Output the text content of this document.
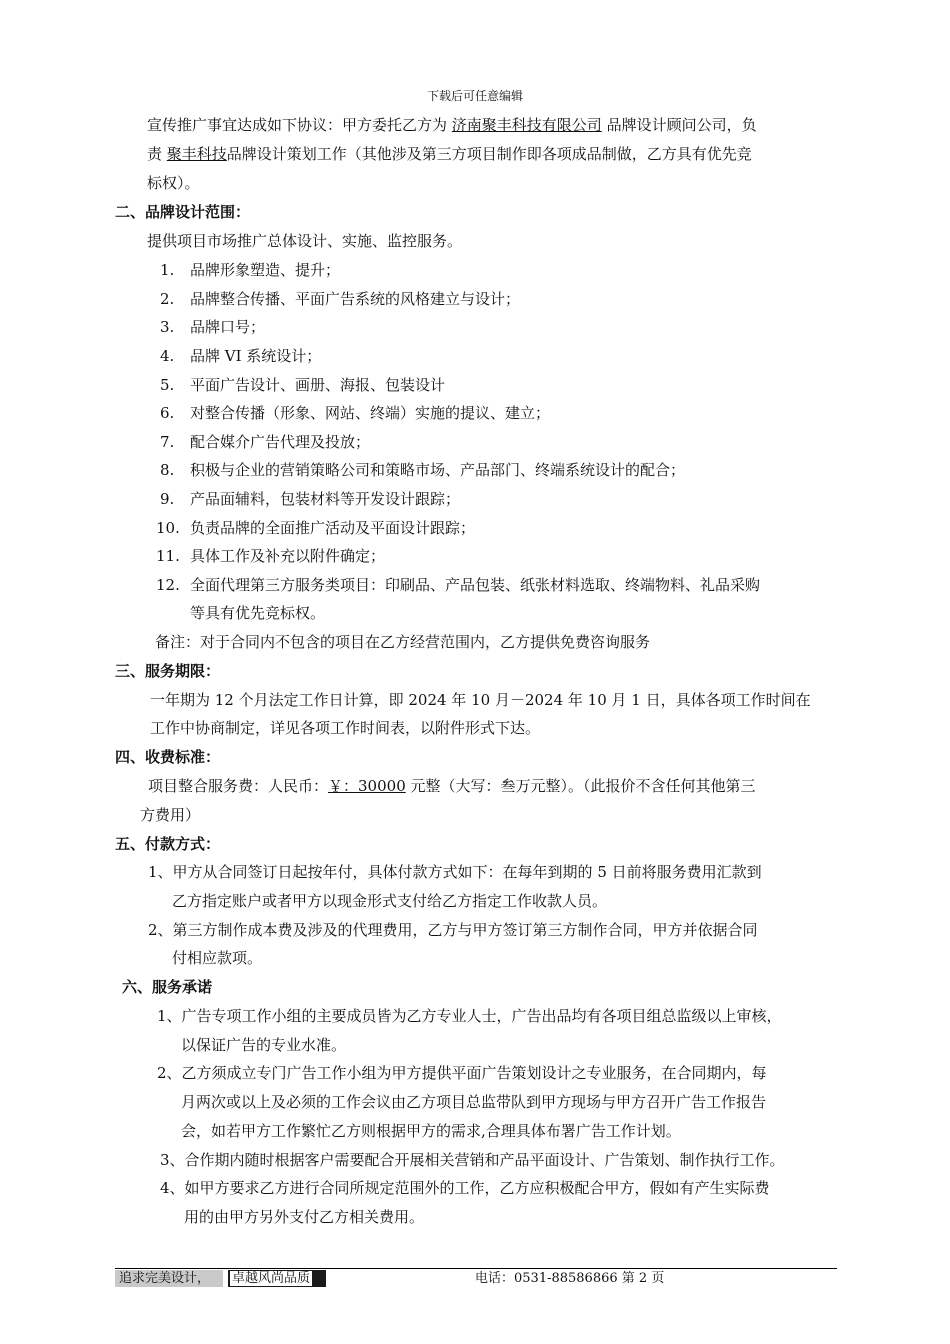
下载后可任意编辑
宣传推广事宜达成如下协议：甲方委托乙方为 济南聚丰科技有限公司 品牌设计顾问公司，负
责 聚丰科技品牌设计策划工作（其他涉及第三方项目制作即各项成品制做，乙方具有优先竞
标权）。
二、品牌设计范围：
提供项目市场推广总体设计、实施、监控服务。
1. 品牌形象塑造、提升；
2. 品牌整合传播、平面广告系统的风格建立与设计；
3. 品牌口号；
4. 品牌 VI 系统设计；
5. 平面广告设计、画册、海报、包装设计
6. 对整合传播（形象、网站、终端）实施的提议、建立；
7. 配合媒介广告代理及投放；
8. 积极与企业的营销策略公司和策略市场、产品部门、终端系统设计的配合；
9. 产品面辅料，包装材料等开发设计跟踪；
10. 负责品牌的全面推广活动及平面设计跟踪；
11. 具体工作及补充以附件确定；
12. 全面代理第三方服务类项目：印刷品、产品包装、纸张材料选取、终端物料、礼品采购
等具有优先竞标权。
备注：对于合同内不包含的项目在乙方经营范围内，乙方提供免费咨询服务
三、服务期限：
一年期为 12 个月法定工作日计算，即 2024 年 10 月－2024 年 10 月 1 日，具体各项工作时间在
工作中协商制定，详见各项工作时间表，以附件形式下达。
四、收费标准：
项目整合服务费：人民币：￥：30000 元整（大写：叁万元整）。（此报价不含任何其他第三
方费用）
五、付款方式：
1、甲方从合同签订日起按年付，具体付款方式如下：在每年到期的 5 日前将服务费用汇款到
乙方指定账户或者甲方以现金形式支付给乙方指定工作收款人员。
2、第三方制作成本费及涉及的代理费用，乙方与甲方签订第三方制作合同，甲方并依据合同
付相应款项。
六、服务承诺
1、广告专项工作小组的主要成员皆为乙方专业人士，广告出品均有各项目组总监级以上审核，
以保证广告的专业水准。
2、乙方须成立专门广告工作小组为甲方提供平面广告策划设计之专业服务，在合同期内，每
月两次或以上及必须的工作会议由乙方项目总监带队到甲方现场与甲方召开广告工作报告
会，如若甲方工作繁忙乙方则根据甲方的需求,合理具体布署广告工作计划。
3、合作期内随时根据客户需要配合开展相关营销和产品平面设计、广告策划、制作执行工作。
4、如甲方要求乙方进行合同所规定范围外的工作，乙方应积极配合甲方，假如有产生实际费
用的由甲方另外支付乙方相关费用。
追求完美设计，	卓越风尚品质	电话：0531-88586866 第 2 页
